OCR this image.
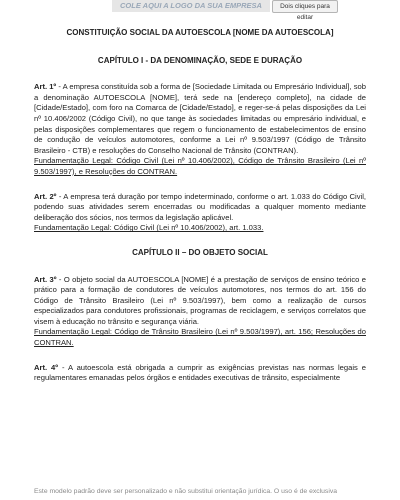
COLE AQUI A LOGO DA SUA EMPRESA	Dois cliques para editar
CONSTITUIÇÃO SOCIAL DA AUTOESCOLA [NOME DA AUTOESCOLA]
CAPÍTULO I - DA DENOMINAÇÃO, SEDE E DURAÇÃO

Art. 1º - A empresa constituída sob a forma de [Sociedade Limitada ou Empresário Individual], sob a denominação AUTOESCOLA [NOME], terá sede na [endereço completo], na cidade de [Cidade/Estado], com foro na Comarca de [Cidade/Estado], e reger-se-á pelas disposições da Lei nº 10.406/2002 (Código Civil), no que tange às sociedades limitadas ou empresário individual, e pelas disposições complementares que regem o funcionamento de estabelecimentos de ensino de condução de veículos automotores, conforme a Lei nº 9.503/1997 (Código de Trânsito Brasileiro - CTB) e resoluções do Conselho Nacional de Trânsito (CONTRAN).

Fundamentação Legal: Código Civil (Lei nº 10.406/2002), Código de Trânsito Brasileiro (Lei nº 9.503/1997), e Resoluções do CONTRAN.

Art. 2º - A empresa terá duração por tempo indeterminado, conforme o art. 1.033 do Código Civil, podendo suas atividades serem encerradas ou modificadas a qualquer momento mediante deliberação dos sócios, nos termos da legislação aplicável.

Fundamentação Legal: Código Civil (Lei nº 10.406/2002), art. 1.033.

CAPÍTULO II – DO OBJETO SOCIAL

Art. 3º - O objeto social da AUTOESCOLA [NOME] é a prestação de serviços de ensino teórico e prático para a formação de condutores de veículos automotores, nos termos do art. 156 do Código de Trânsito Brasileiro (Lei nº 9.503/1997), bem como a realização de cursos especializados para condutores profissionais, programas de reciclagem, e serviços correlatos que visem à educação no trânsito e segurança viária.

Fundamentação Legal: Código de Trânsito Brasileiro (Lei nº 9.503/1997), art. 156; Resoluções do CONTRAN.

Art. 4º - A autoescola está obrigada a cumprir as exigências previstas nas normas legais e regulamentares emanadas pelos órgãos e entidades executivas de trânsito, especialmente

Este modelo padrão deve ser personalizado e não substitui orientação jurídica. O uso é de exclusiva
